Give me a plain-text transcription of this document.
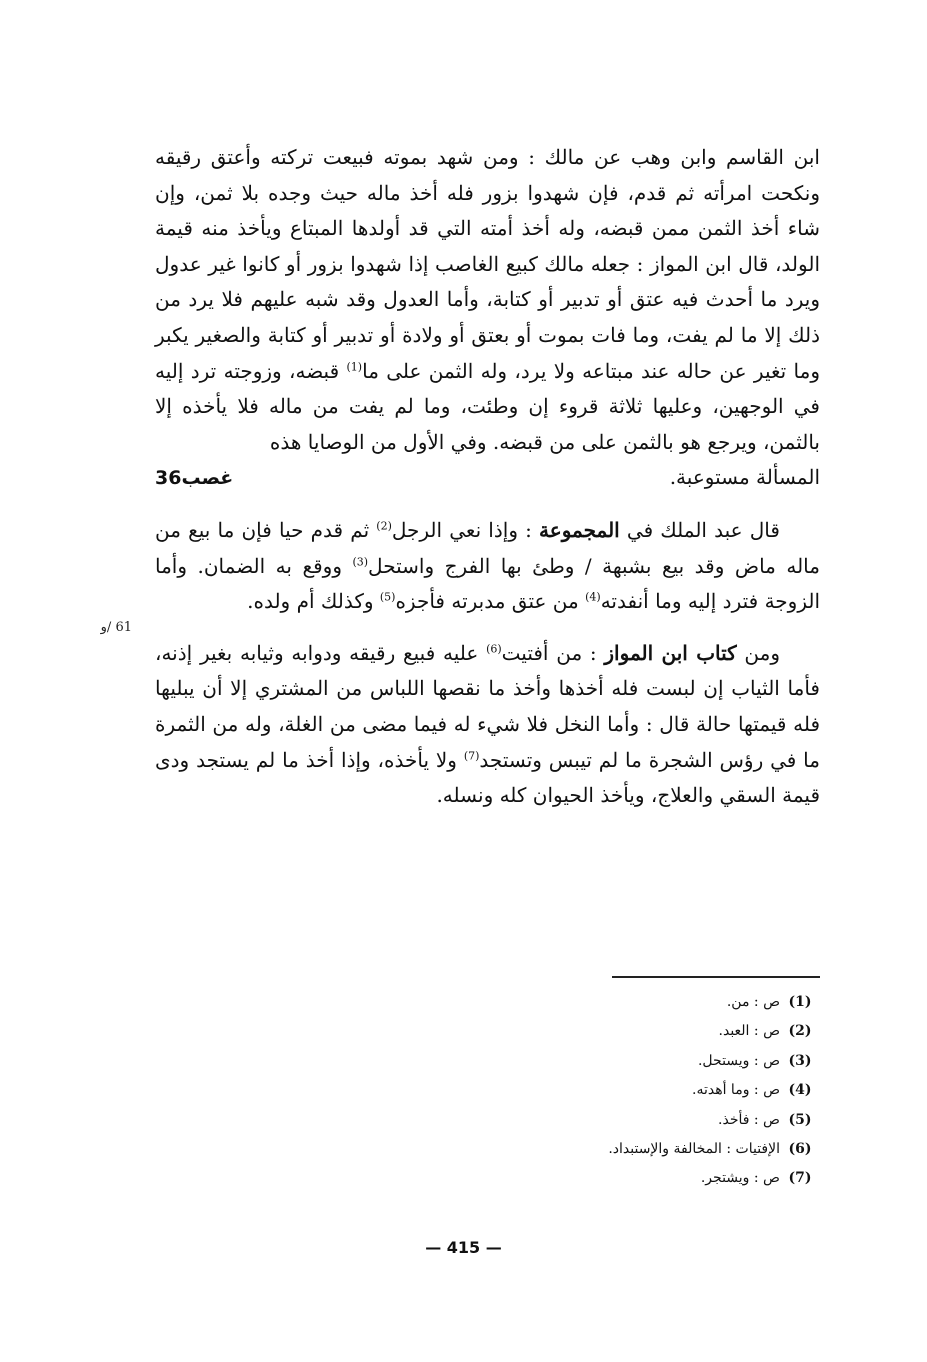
ابن القاسم وابن وهب عن مالك : ومن شهد بموته فبيعت تركته وأعتق رقيقه ونكحت امرأته ثم قدم، فإن شهدوا بزور فله أخذ ماله حيث وجده بلا ثمن، وإن شاء أخذ الثمن ممن قبضه، وله أخذ أمته التي قد أولدها المبتاع ويأخذ منه قيمة الولد، قال ابن المواز : جعله مالك كبيع الغاصب إذا شهدوا بزور أو كانوا غير عدول ويرد ما أحدث فيه عتق أو تدبير أو كتابة، وأما العدول وقد شبه عليهم فلا يرد من ذلك إلا ما لم يفت، وما فات بموت أو بعتق أو ولادة أو تدبير أو كتابة والصغير يكبر وما تغير عن حاله عند مبتاعه ولا يرد، وله الثمن على ما$^{(1)}$ قبضه، وزوجته ترد إليه في الوجهين، وعليها ثلاثة قروء إن وطئت، وما لم يفت من ماله فلا يأخذه إلا بالثمن، ويرجع هو بالثمن على من قبضه. وفي الأول من الوصايا هذه

المسألة مستوعبة.
غصب36

قال عبد الملك في المجموعة : وإذا نعي الرجل$^{(2)}$ ثم قدم حيا فإن ما بيع من ماله ماض وقد بيع بشبهة / وطئ بها الفرج واستحل$^{(3)}$ ووقع به الضمان. وأما الزوجة فترد إليه وما أنفدته$^{(4)}$ من عتق مدبرته فأجزه$^{(5)}$ وكذلك أم ولده.

ومن كتاب ابن المواز : من أفتيت$^{(6)}$ عليه فبيع رقيقه ودوابه وثيابه بغير إذنه، فأما الثياب إن لبست فله أخذها وأخذ ما نقصها اللباس من المشتري إلا أن يبليها فله قيمتها حالة قال : وأما النخل فلا شيء له فيما مضى من الغلة، وله من الثمرة ما في رؤس الشجرة ما لم تيبس وتستجد$^{(7)}$ ولا يأخذه، وإذا أخذ ما لم يستجد ودى قيمة السقي والعلاج، ويأخذ الحيوان كله ونسله.

61 /و
(1)
ص : من.
(2)
ص : العبد.
(3)
ص : ويستحل.
(4)
ص : وما أهدته.
(5)
ص : فأخذ.
(6)
الإفتيات : المخالفة والإستبداد.
(7)
ص : ويشتجر.
— 415 —
